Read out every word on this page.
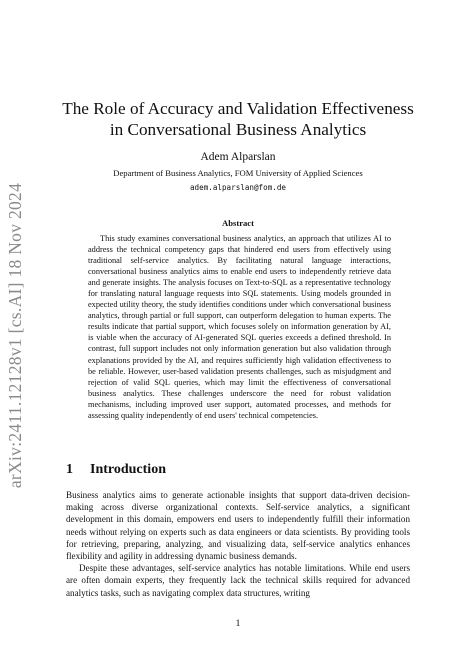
arXiv:2411.12128v1 [cs.AI] 18 Nov 2024
The Role of Accuracy and Validation Effectiveness in Conversational Business Analytics

Adem Alparslan

Department of Business Analytics, FOM University of Applied Sciences

adem.alparslan@fom.de

Abstract

This study examines conversational business analytics, an approach that utilizes AI to address the technical competency gaps that hindered end users from effectively using traditional self-service analytics. By facilitating natural language interactions, conversational business analytics aims to enable end users to independently retrieve data and generate insights. The analysis focuses on Text-to-SQL as a representative technology for translating natural language requests into SQL statements. Using models grounded in expected utility theory, the study identifies conditions under which conversational business analytics, through partial or full support, can outperform delegation to human experts. The results indicate that partial support, which focuses solely on information generation by AI, is viable when the accuracy of AI-generated SQL queries exceeds a defined threshold. In contrast, full support includes not only information generation but also validation through explanations provided by the AI, and requires sufficiently high validation effectiveness to be reliable. However, user-based validation presents challenges, such as misjudgment and rejection of valid SQL queries, which may limit the effectiveness of conversational business analytics. These challenges underscore the need for robust validation mechanisms, including improved user support, automated processes, and methods for assessing quality independently of end users' technical competencies.

1 Introduction

Business analytics aims to generate actionable insights that support data-driven decision-making across diverse organizational contexts. Self-service analytics, a significant development in this domain, empowers end users to independently fulfill their information needs without relying on experts such as data engineers or data scientists. By providing tools for retrieving, preparing, analyzing, and visualizing data, self-service analytics enhances flexibility and agility in addressing dynamic business demands.

Despite these advantages, self-service analytics has notable limitations. While end users are often domain experts, they frequently lack the technical skills required for advanced analytics tasks, such as navigating complex data structures, writing

1
